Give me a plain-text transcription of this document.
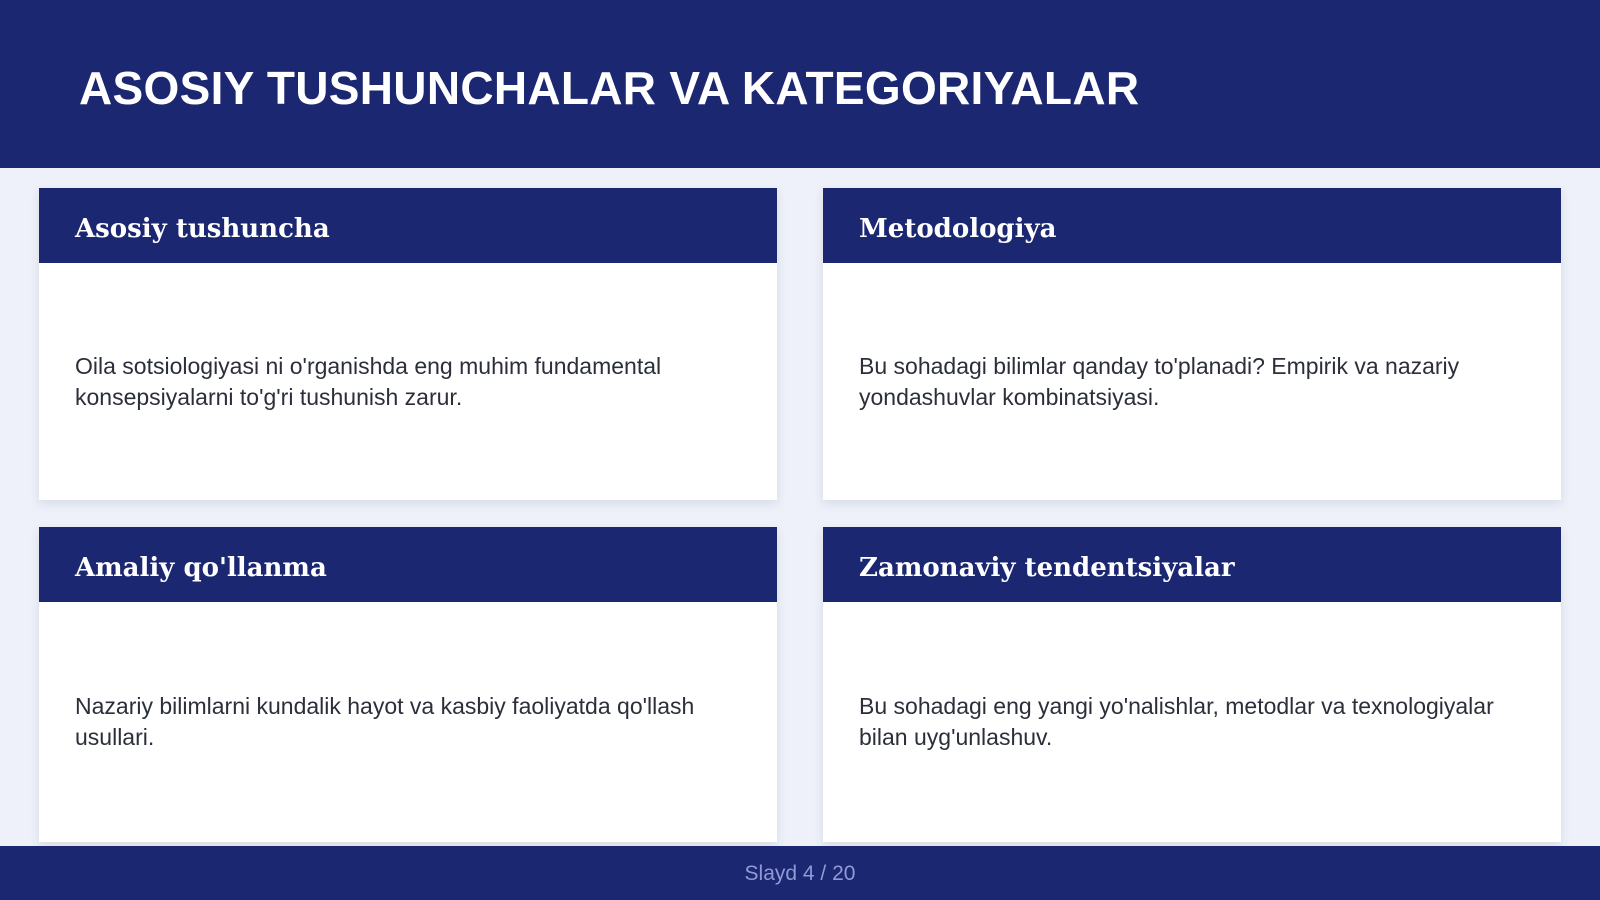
ASOSIY TUSHUNCHALAR VA KATEGORIYALAR
Asosiy tushuncha

Oila sotsiologiyasi ni o'rganishda eng muhim fundamental konsepsiyalarni to'g'ri tushunish zarur.

Metodologiya

Bu sohadagi bilimlar qanday to'planadi? Empirik va nazariy yondashuvlar kombinatsiyasi.

Amaliy qo'llanma

Nazariy bilimlarni kundalik hayot va kasbiy faoliyatda qo'llash usullari.

Zamonaviy tendentsiyalar

Bu sohadagi eng yangi yo'nalishlar, metodlar va texnologiyalar bilan uyg'unlashuv.

Slayd 4 / 20
